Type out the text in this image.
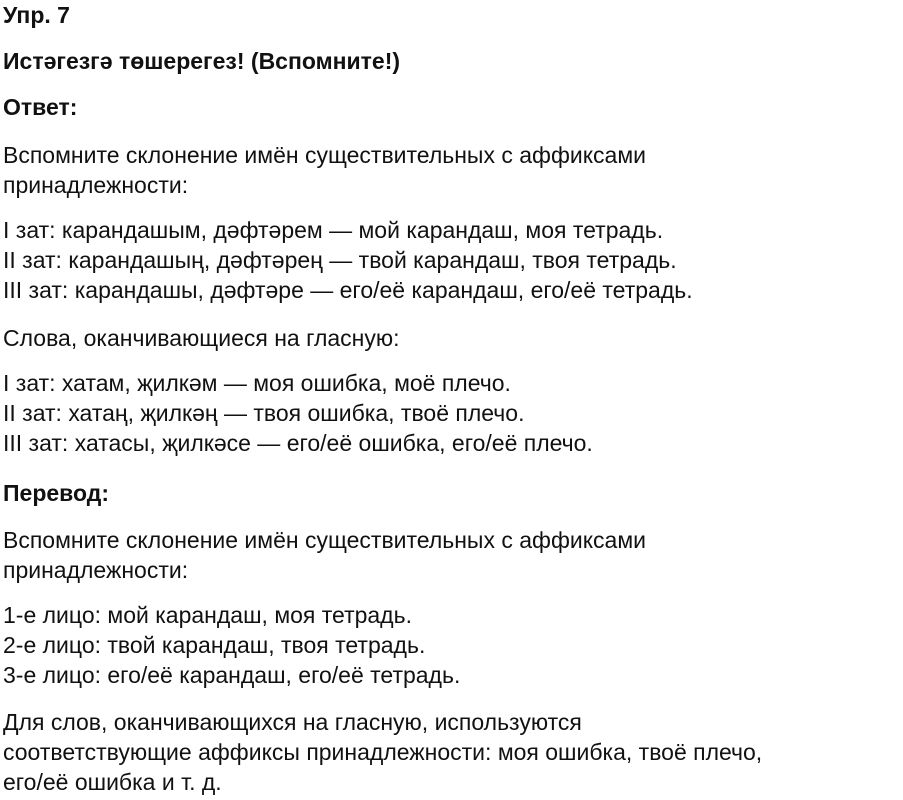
Упр. 7

Истәгезгә төшерегез! (Вспомните!)

Ответ:

Вспомните склонение имён существительных с аффиксами
принадлежности:
I зат: карандашым, дәфтәрем — мой карандаш, моя тетрадь.
II зат: карандашың, дәфтәрең — твой карандаш, твоя тетрадь.
III зат: карандашы, дәфтәре — его/её карандаш, его/её тетрадь.

Слова, оканчивающиеся на гласную:

I зат: хатам, җилкәм — моя ошибка, моё плечо.
II зат: хатаң, җилкәң — твоя ошибка, твоё плечо.
III зат: хатасы, җилкәсе — его/её ошибка, его/её плечо.

Перевод:

Вспомните склонение имён существительных с аффиксами
принадлежности:
1-е лицо: мой карандаш, моя тетрадь.
2-е лицо: твой карандаш, твоя тетрадь.
3-е лицо: его/её карандаш, его/её тетрадь.
Для слов, оканчивающихся на гласную, используются
соответствующие аффиксы принадлежности: моя ошибка, твоё плечо,
его/её ошибка и т. д.
